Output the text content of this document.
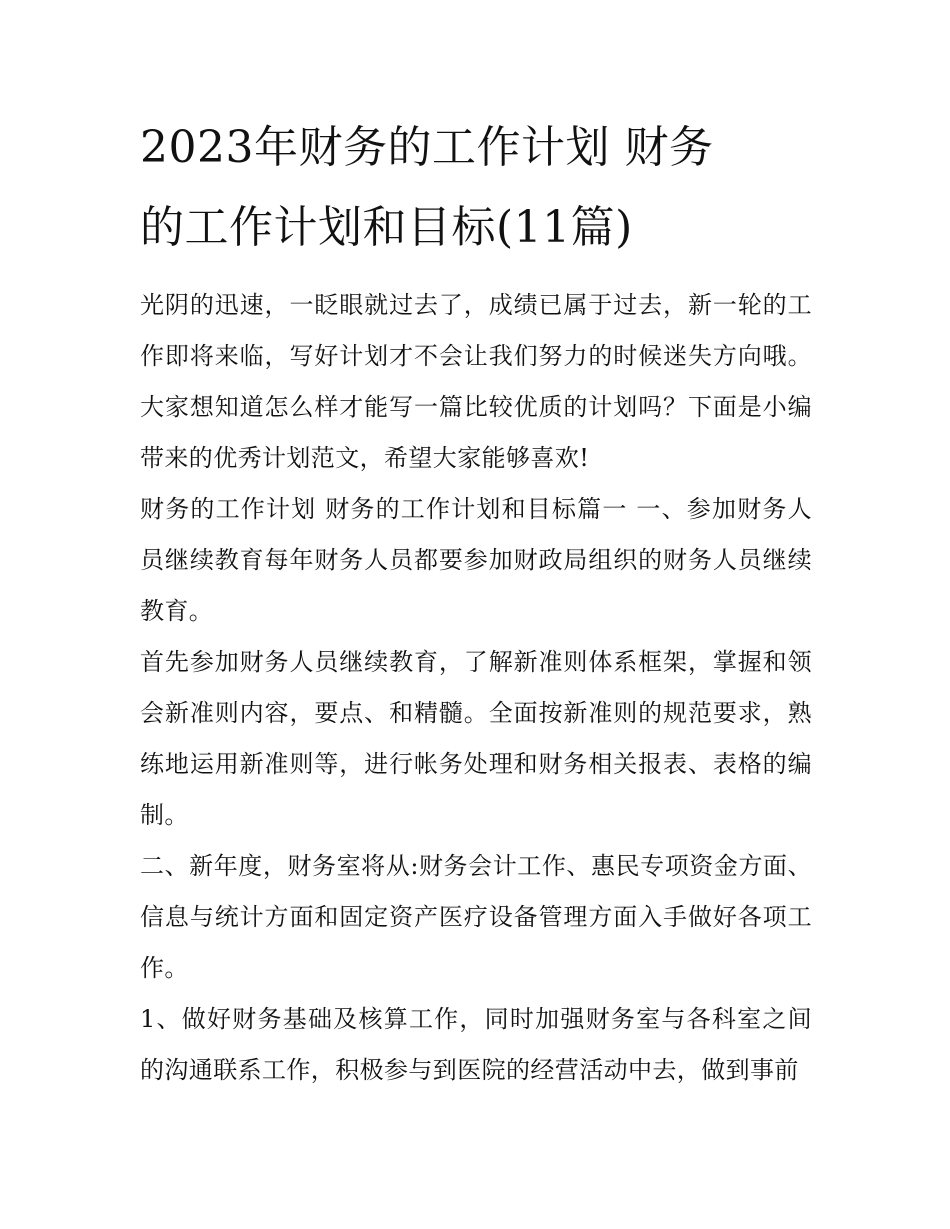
2023年财务的工作计划 财务
的工作计划和目标(11篇)

光阴的迅速，一眨眼就过去了，成绩已属于过去，新一轮的工作即将来临，写好计划才不会让我们努力的时候迷失方向哦。大家想知道怎么样才能写一篇比较优质的计划吗？下面是小编带来的优秀计划范文，希望大家能够喜欢!

财务的工作计划 财务的工作计划和目标篇一 一、参加财务人员继续教育每年财务人员都要参加财政局组织的财务人员继续教育。

首先参加财务人员继续教育，了解新准则体系框架，掌握和领会新准则内容，要点、和精髓。全面按新准则的规范要求，熟练地运用新准则等，进行帐务处理和财务相关报表、表格的编制。

二、新年度，财务室将从:财务会计工作、惠民专项资金方面、信息与统计方面和固定资产医疗设备管理方面入手做好各项工作。

1、做好财务基础及核算工作，同时加强财务室与各科室之间的沟通联系工作，积极参与到医院的经营活动中去，做到事前
